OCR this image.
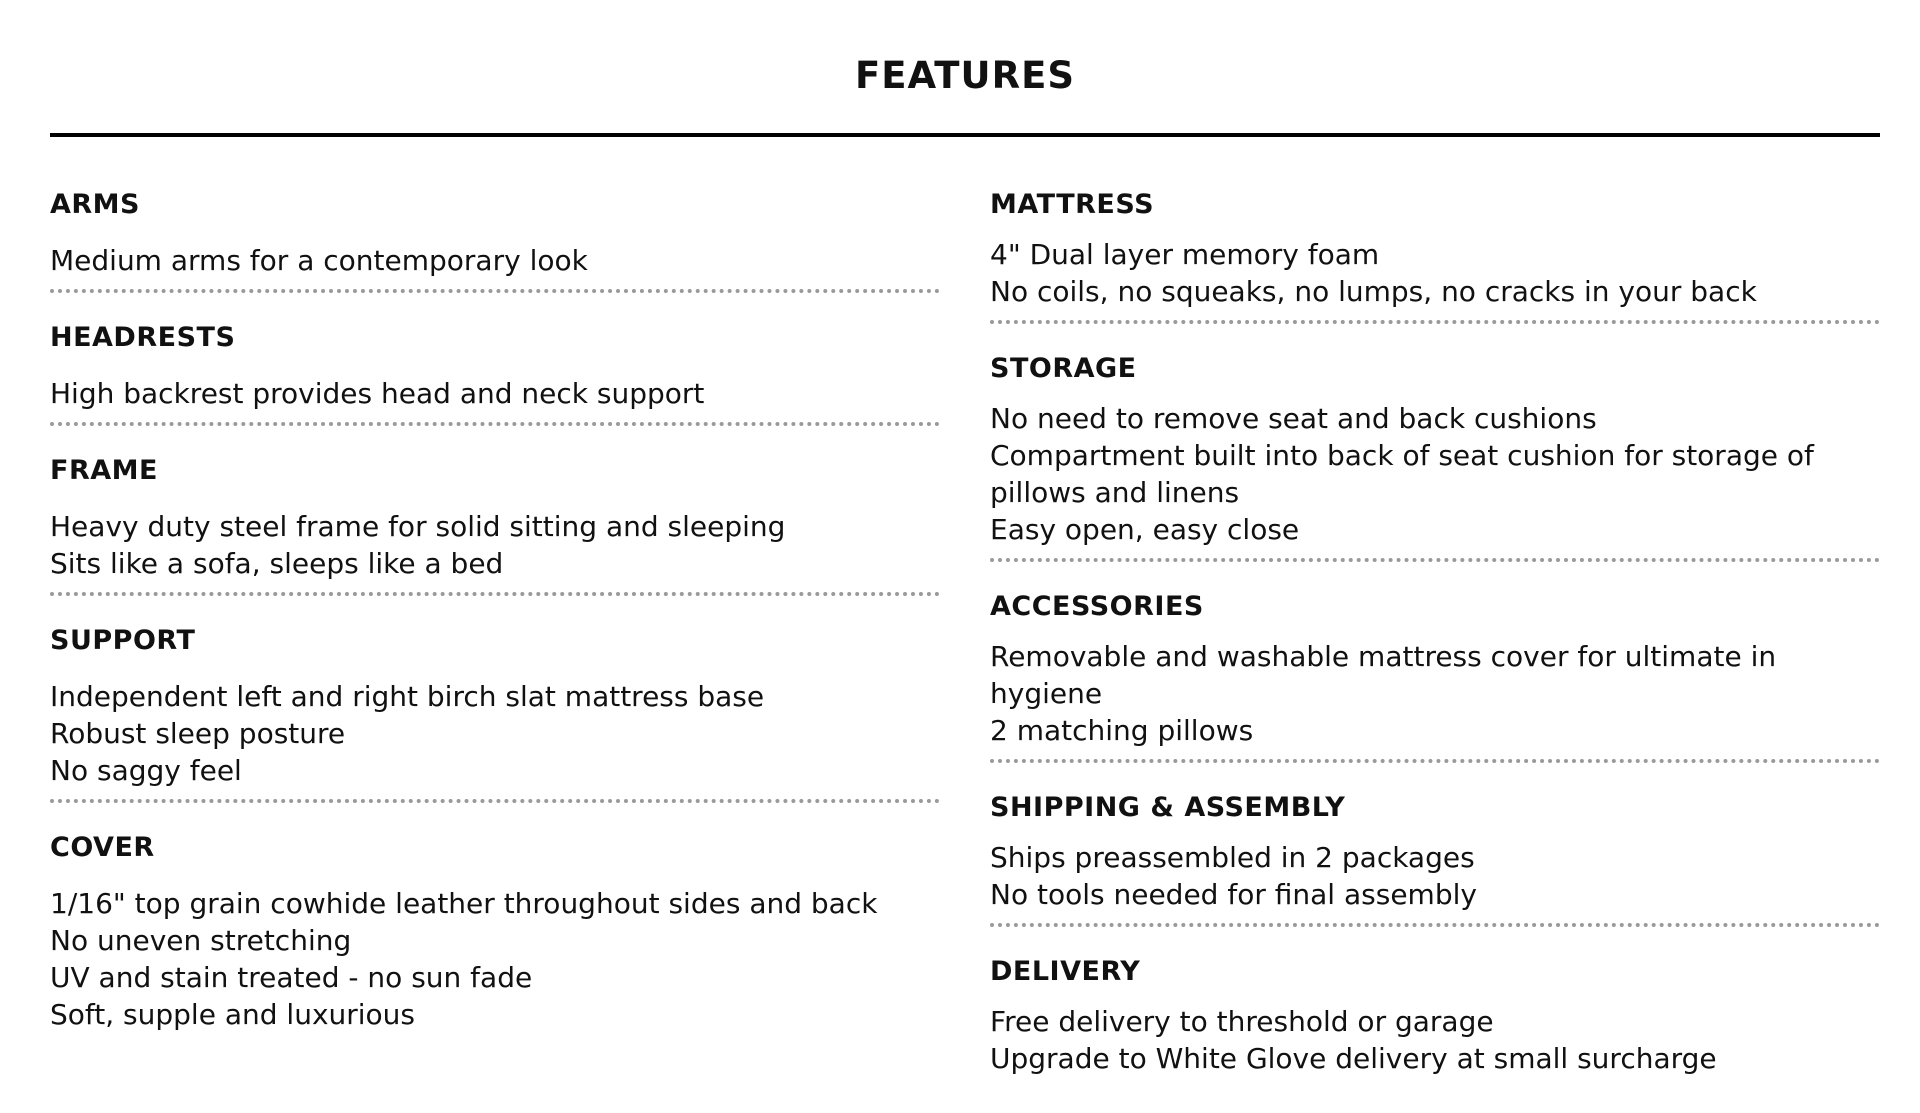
FEATURES
ARMS
Medium arms for a contemporary look
HEADRESTS
High backrest provides head and neck support
FRAME
Heavy duty steel frame for solid sitting and sleeping
Sits like a sofa, sleeps like a bed
SUPPORT
Independent left and right birch slat mattress base
Robust sleep posture
No saggy feel
COVER
1/16" top grain cowhide leather throughout sides and back
No uneven stretching
UV and stain treated - no sun fade
Soft, supple and luxurious
MATTRESS
4" Dual layer memory foam
No coils, no squeaks, no lumps, no cracks in your back
STORAGE
No need to remove seat and back cushions
Compartment built into back of seat cushion for storage of pillows and linens
Easy open, easy close
ACCESSORIES
Removable and washable mattress cover for ultimate in hygiene
2 matching pillows
SHIPPING & ASSEMBLY
Ships preassembled in 2 packages
No tools needed for final assembly
DELIVERY
Free delivery to threshold or garage
Upgrade to White Glove delivery at small surcharge
